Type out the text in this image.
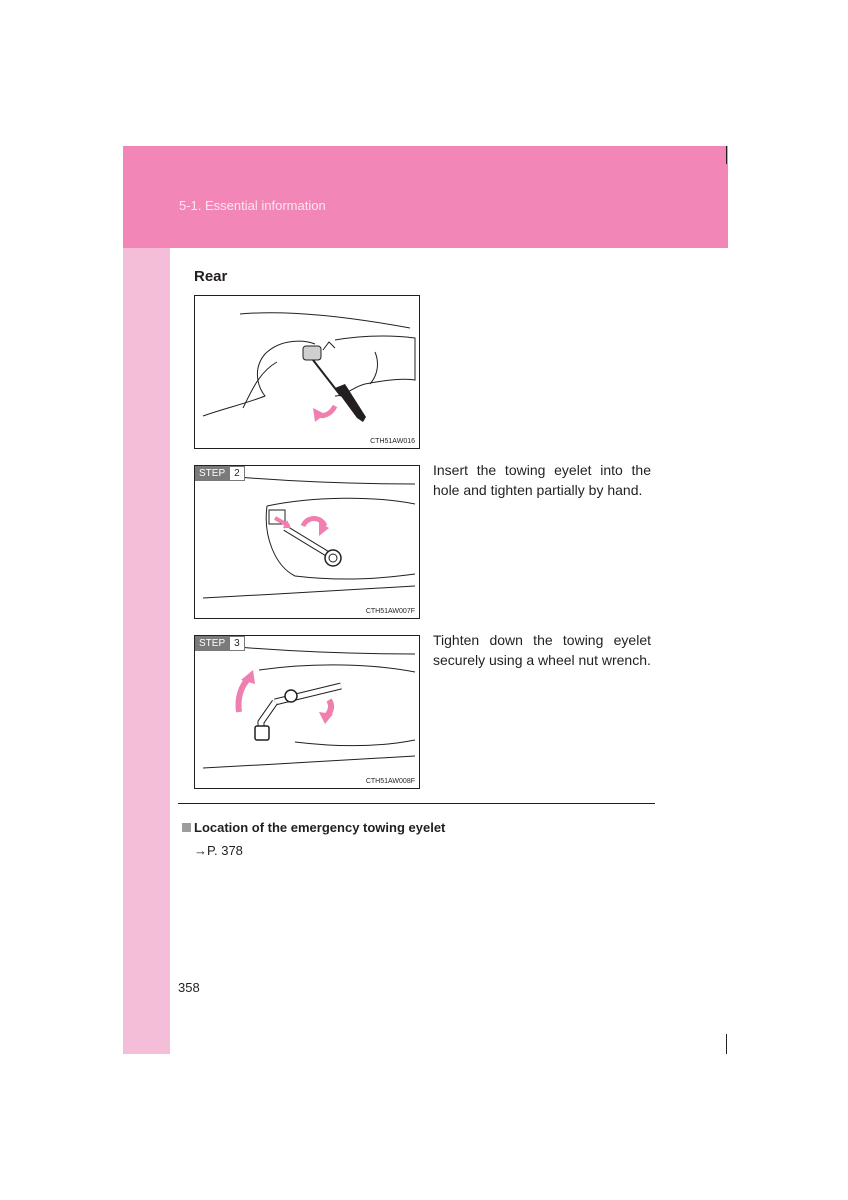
5-1. Essential information
Rear
CTH51AW016
STEP 2
CTH51AW007F
Insert the towing eyelet into the hole and tighten partially by hand.
STEP 3
CTH51AW008F
Tighten down the towing eyelet securely using a wheel nut wrench.
Location of the emergency towing eyelet
→P. 378
358
